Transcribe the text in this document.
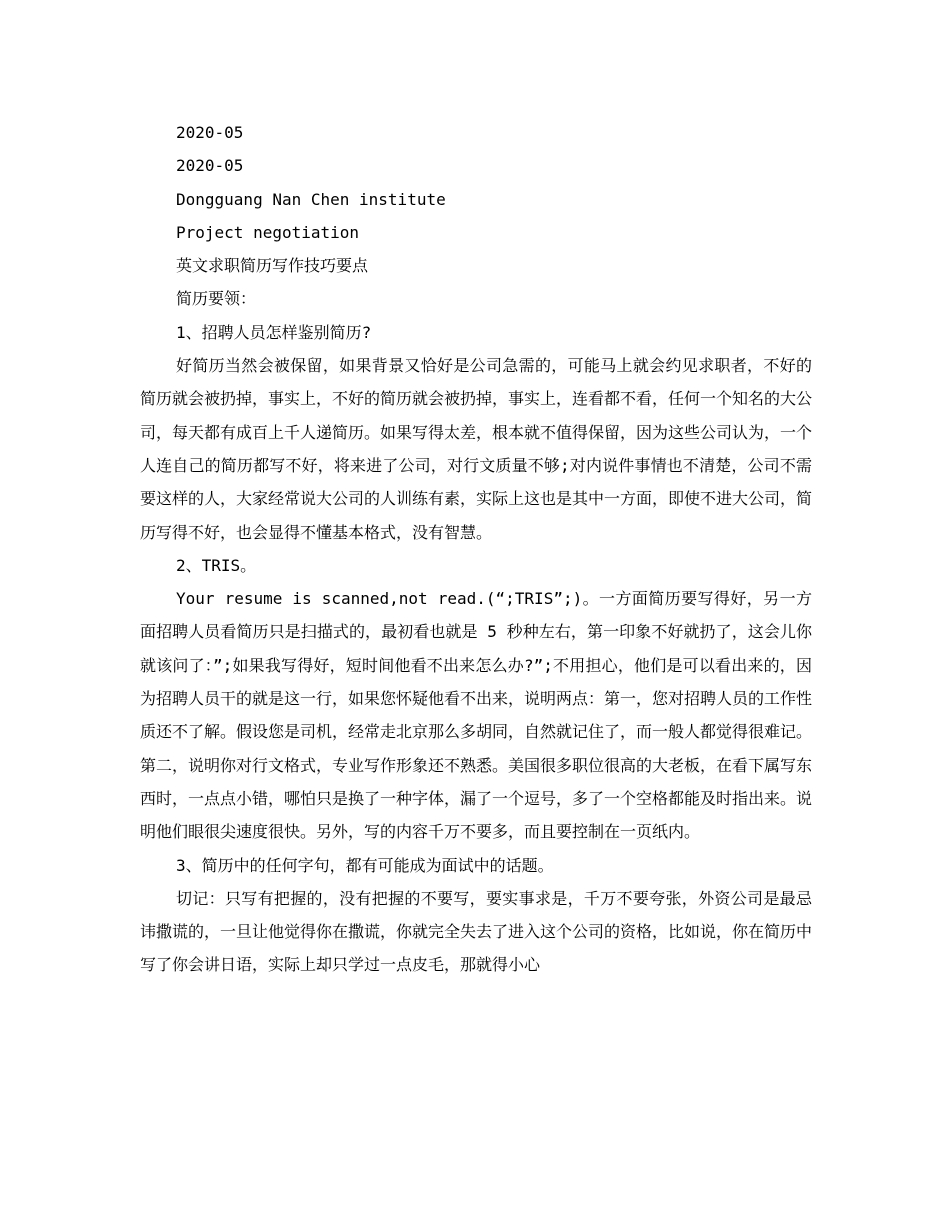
2020-05

2020-05

Dongguang Nan Chen institute

Project negotiation

英文求职简历写作技巧要点

简历要领：

1、招聘人员怎样鉴别简历?

好简历当然会被保留，如果背景又恰好是公司急需的，可能马上就会约见求职者，不好的简历就会被扔掉，事实上，不好的简历就会被扔掉，事实上，连看都不看，任何一个知名的大公司，每天都有成百上千人递简历。如果写得太差，根本就不值得保留，因为这些公司认为，一个人连自己的简历都写不好，将来进了公司，对行文质量不够;对内说件事情也不清楚，公司不需要这样的人，大家经常说大公司的人训练有素，实际上这也是其中一方面，即使不进大公司，简历写得不好，也会显得不懂基本格式，没有智慧。

2、TRIS。

Your resume is scanned,not read.(“;TRIS”;)。一方面简历要写得好，另一方面招聘人员看简历只是扫描式的，最初看也就是 5 秒种左右，第一印象不好就扔了，这会儿你就该问了：”;如果我写得好，短时间他看不出来怎么办?”;不用担心，他们是可以看出来的，因为招聘人员干的就是这一行，如果您怀疑他看不出来，说明两点：第一，您对招聘人员的工作性质还不了解。假设您是司机，经常走北京那么多胡同，自然就记住了，而一般人都觉得很难记。第二，说明你对行文格式，专业写作形象还不熟悉。美国很多职位很高的大老板，在看下属写东西时，一点点小错，哪怕只是换了一种字体，漏了一个逗号，多了一个空格都能及时指出来。说明他们眼很尖速度很快。另外，写的内容千万不要多，而且要控制在一页纸内。

3、简历中的任何字句，都有可能成为面试中的话题。

切记：只写有把握的，没有把握的不要写，要实事求是，千万不要夸张，外资公司是最忌讳撒谎的，一旦让他觉得你在撒谎，你就完全失去了进入这个公司的资格，比如说，你在简历中写了你会讲日语，实际上却只学过一点皮毛，那就得小心
